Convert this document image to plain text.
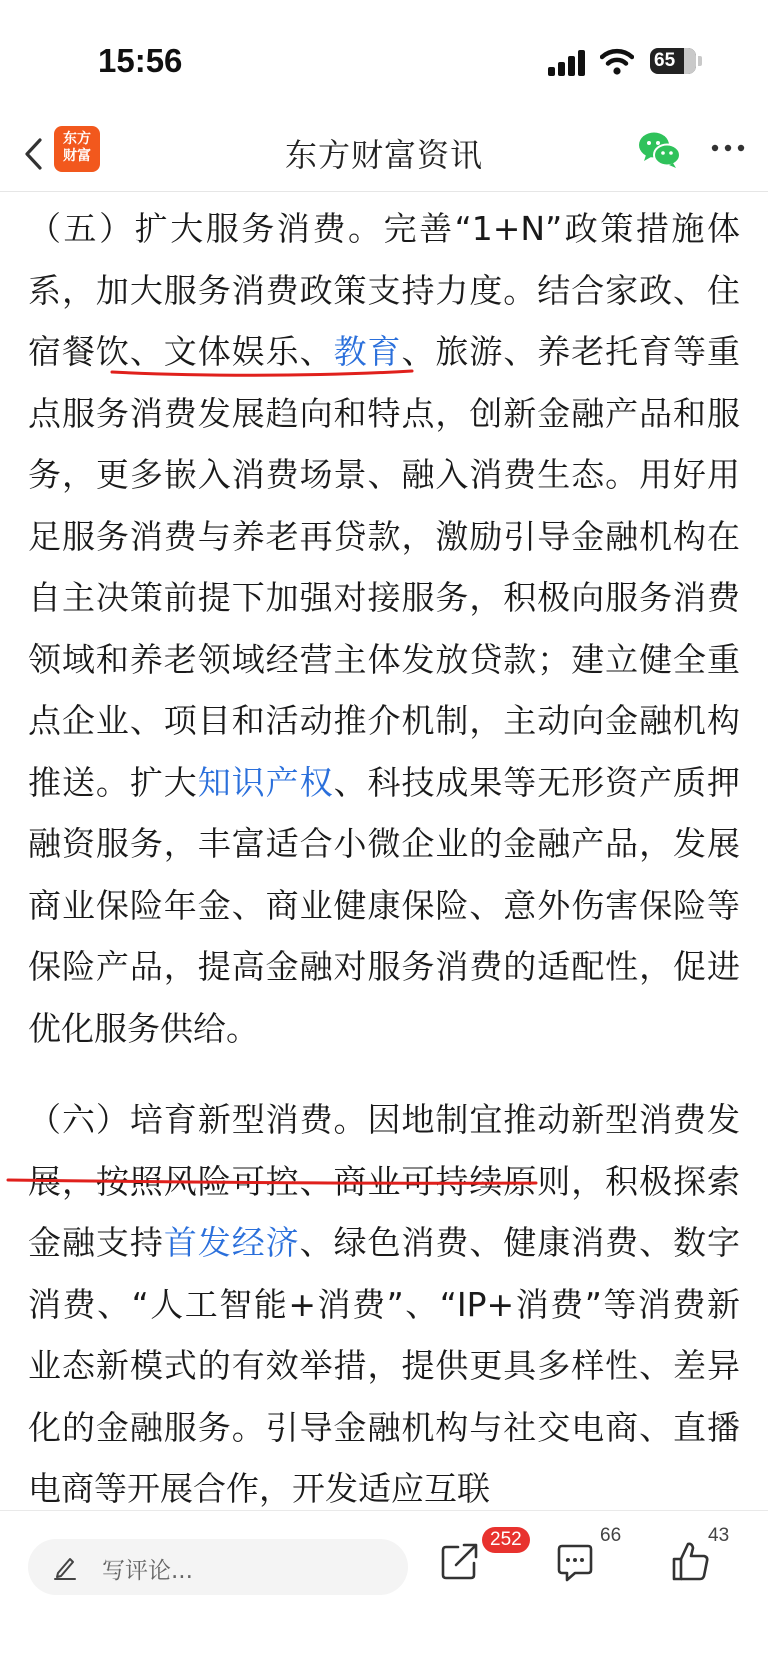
15:56	65
东方
财富	东方财富资讯

（五）扩大服务消费。完善“1+N”政策措施体系，加大服务消费政策支持力度。结合家政、住宿餐饮、文体娱乐、教育、旅游、养老托育等重点服务消费发展趋向和特点，创新金融产品和服务，更多嵌入消费场景、融入消费生态。用好用足服务消费与养老再贷款，激励引导金融机构在自主决策前提下加强对接服务，积极向服务消费领域和养老领域经营主体发放贷款；建立健全重点企业、项目和活动推介机制，主动向金融机构推送。扩大知识产权、科技成果等无形资产质押融资服务，丰富适合小微企业的金融产品，发展商业保险年金、商业健康保险、意外伤害保险等保险产品，提高金融对服务消费的适配性，促进优化服务供给。

（六）培育新型消费。因地制宜推动新型消费发展，按照风险可控、商业可持续原则，积极探索金融支持首发经济、绿色消费、健康消费、数字消费、“人工智能+消费”、“IP+消费”等消费新业态新模式的有效举措，提供更具多样性、差异化的金融服务。引导金融机构与社交电商、直播电商等开展合作，开发适应互联

写评论...
252	66	43
